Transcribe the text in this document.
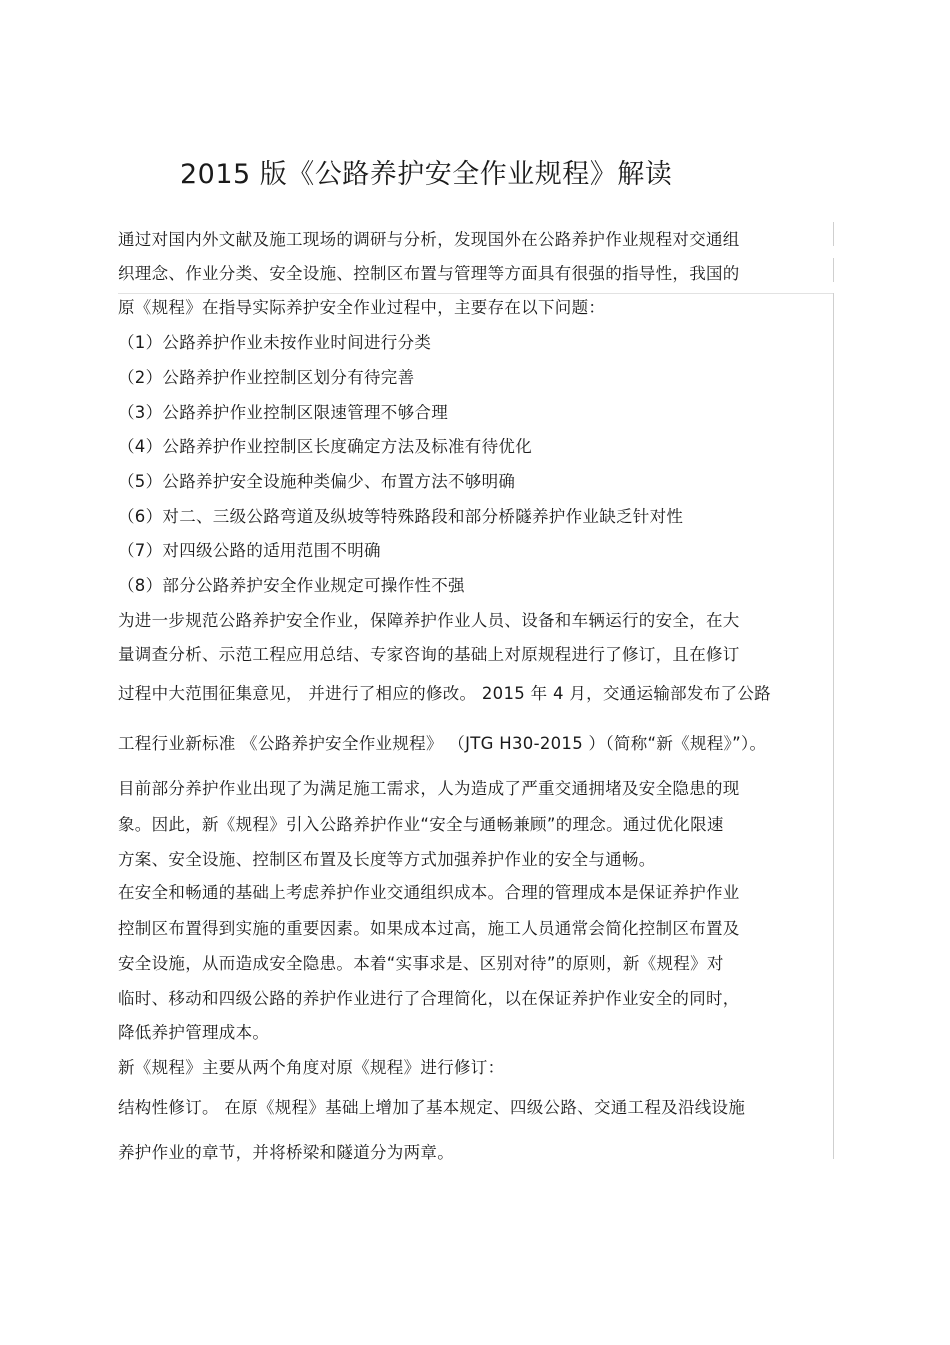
2015 版《公路养护安全作业规程》解读
通过对国内外文献及施工现场的调研与分析，发现国外在公路养护作业规程对交通组
织理念、作业分类、安全设施、控制区布置与管理等方面具有很强的指导性，我国的
原《规程》在指导实际养护安全作业过程中，主要存在以下问题：
（1）公路养护作业未按作业时间进行分类
（2）公路养护作业控制区划分有待完善
（3）公路养护作业控制区限速管理不够合理
（4）公路养护作业控制区长度确定方法及标准有待优化
（5）公路养护安全设施种类偏少、布置方法不够明确
（6）对二、三级公路弯道及纵坡等特殊路段和部分桥隧养护作业缺乏针对性
（7）对四级公路的适用范围不明确
（8）部分公路养护安全作业规定可操作性不强
为进一步规范公路养护安全作业，保障养护作业人员、设备和车辆运行的安全，在大
量调查分析、示范工程应用总结、专家咨询的基础上对原规程进行了修订，且在修订
过程中大范围征集意见， 并进行了相应的修改。 2015 年 4 月，交通运输部发布了公路
工程行业新标准 《公路养护安全作业规程》 （JTG H30-2015 ）（简称“新《规程》”）。
目前部分养护作业出现了为满足施工需求，人为造成了严重交通拥堵及安全隐患的现
象。因此，新《规程》引入公路养护作业“安全与通畅兼顾”的理念。通过优化限速
方案、安全设施、控制区布置及长度等方式加强养护作业的安全与通畅。
在安全和畅通的基础上考虑养护作业交通组织成本。合理的管理成本是保证养护作业
控制区布置得到实施的重要因素。如果成本过高，施工人员通常会简化控制区布置及
安全设施，从而造成安全隐患。本着“实事求是、区别对待”的原则，新《规程》对
临时、移动和四级公路的养护作业进行了合理简化，以在保证养护作业安全的同时，
降低养护管理成本。
新《规程》主要从两个角度对原《规程》进行修订：
结构性修订。 在原《规程》基础上增加了基本规定、四级公路、交通工程及沿线设施
养护作业的章节，并将桥梁和隧道分为两章。
